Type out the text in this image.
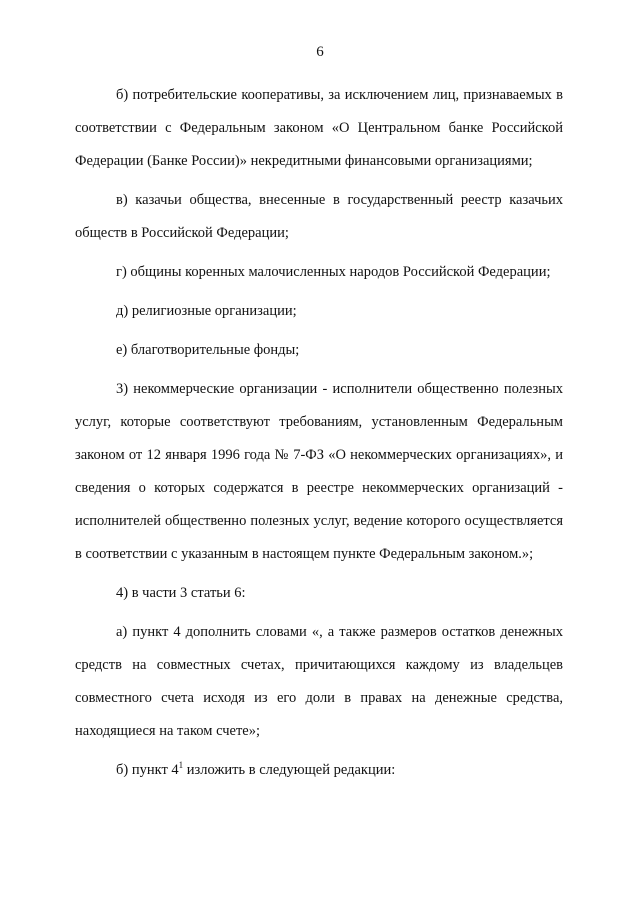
6

б) потребительские кооперативы, за исключением лиц, признаваемых в соответствии с Федеральным законом «О Центральном банке Российской Федерации (Банке России)» некредитными финансовыми организациями;

в) казачьи общества, внесенные в государственный реестр казачьих обществ в Российской Федерации;

г) общины коренных малочисленных народов Российской Федерации;

д) религиозные организации;

е) благотворительные фонды;

3) некоммерческие организации - исполнители общественно полезных услуг, которые соответствуют требованиям, установленным Федеральным законом от 12 января 1996 года № 7-ФЗ «О некоммерческих организациях», и сведения о которых содержатся в реестре некоммерческих организаций - исполнителей общественно полезных услуг, ведение которого осуществляется в соответствии с указанным в настоящем пункте Федеральным законом.»;

4) в части 3 статьи 6:

а) пункт 4 дополнить словами «, а также размеров остатков денежных средств на совместных счетах, причитающихся каждому из владельцев совместного счета исходя из его доли в правах на денежные средства, находящиеся на таком счете»;

б) пункт $4^1$ изложить в следующей редакции:
